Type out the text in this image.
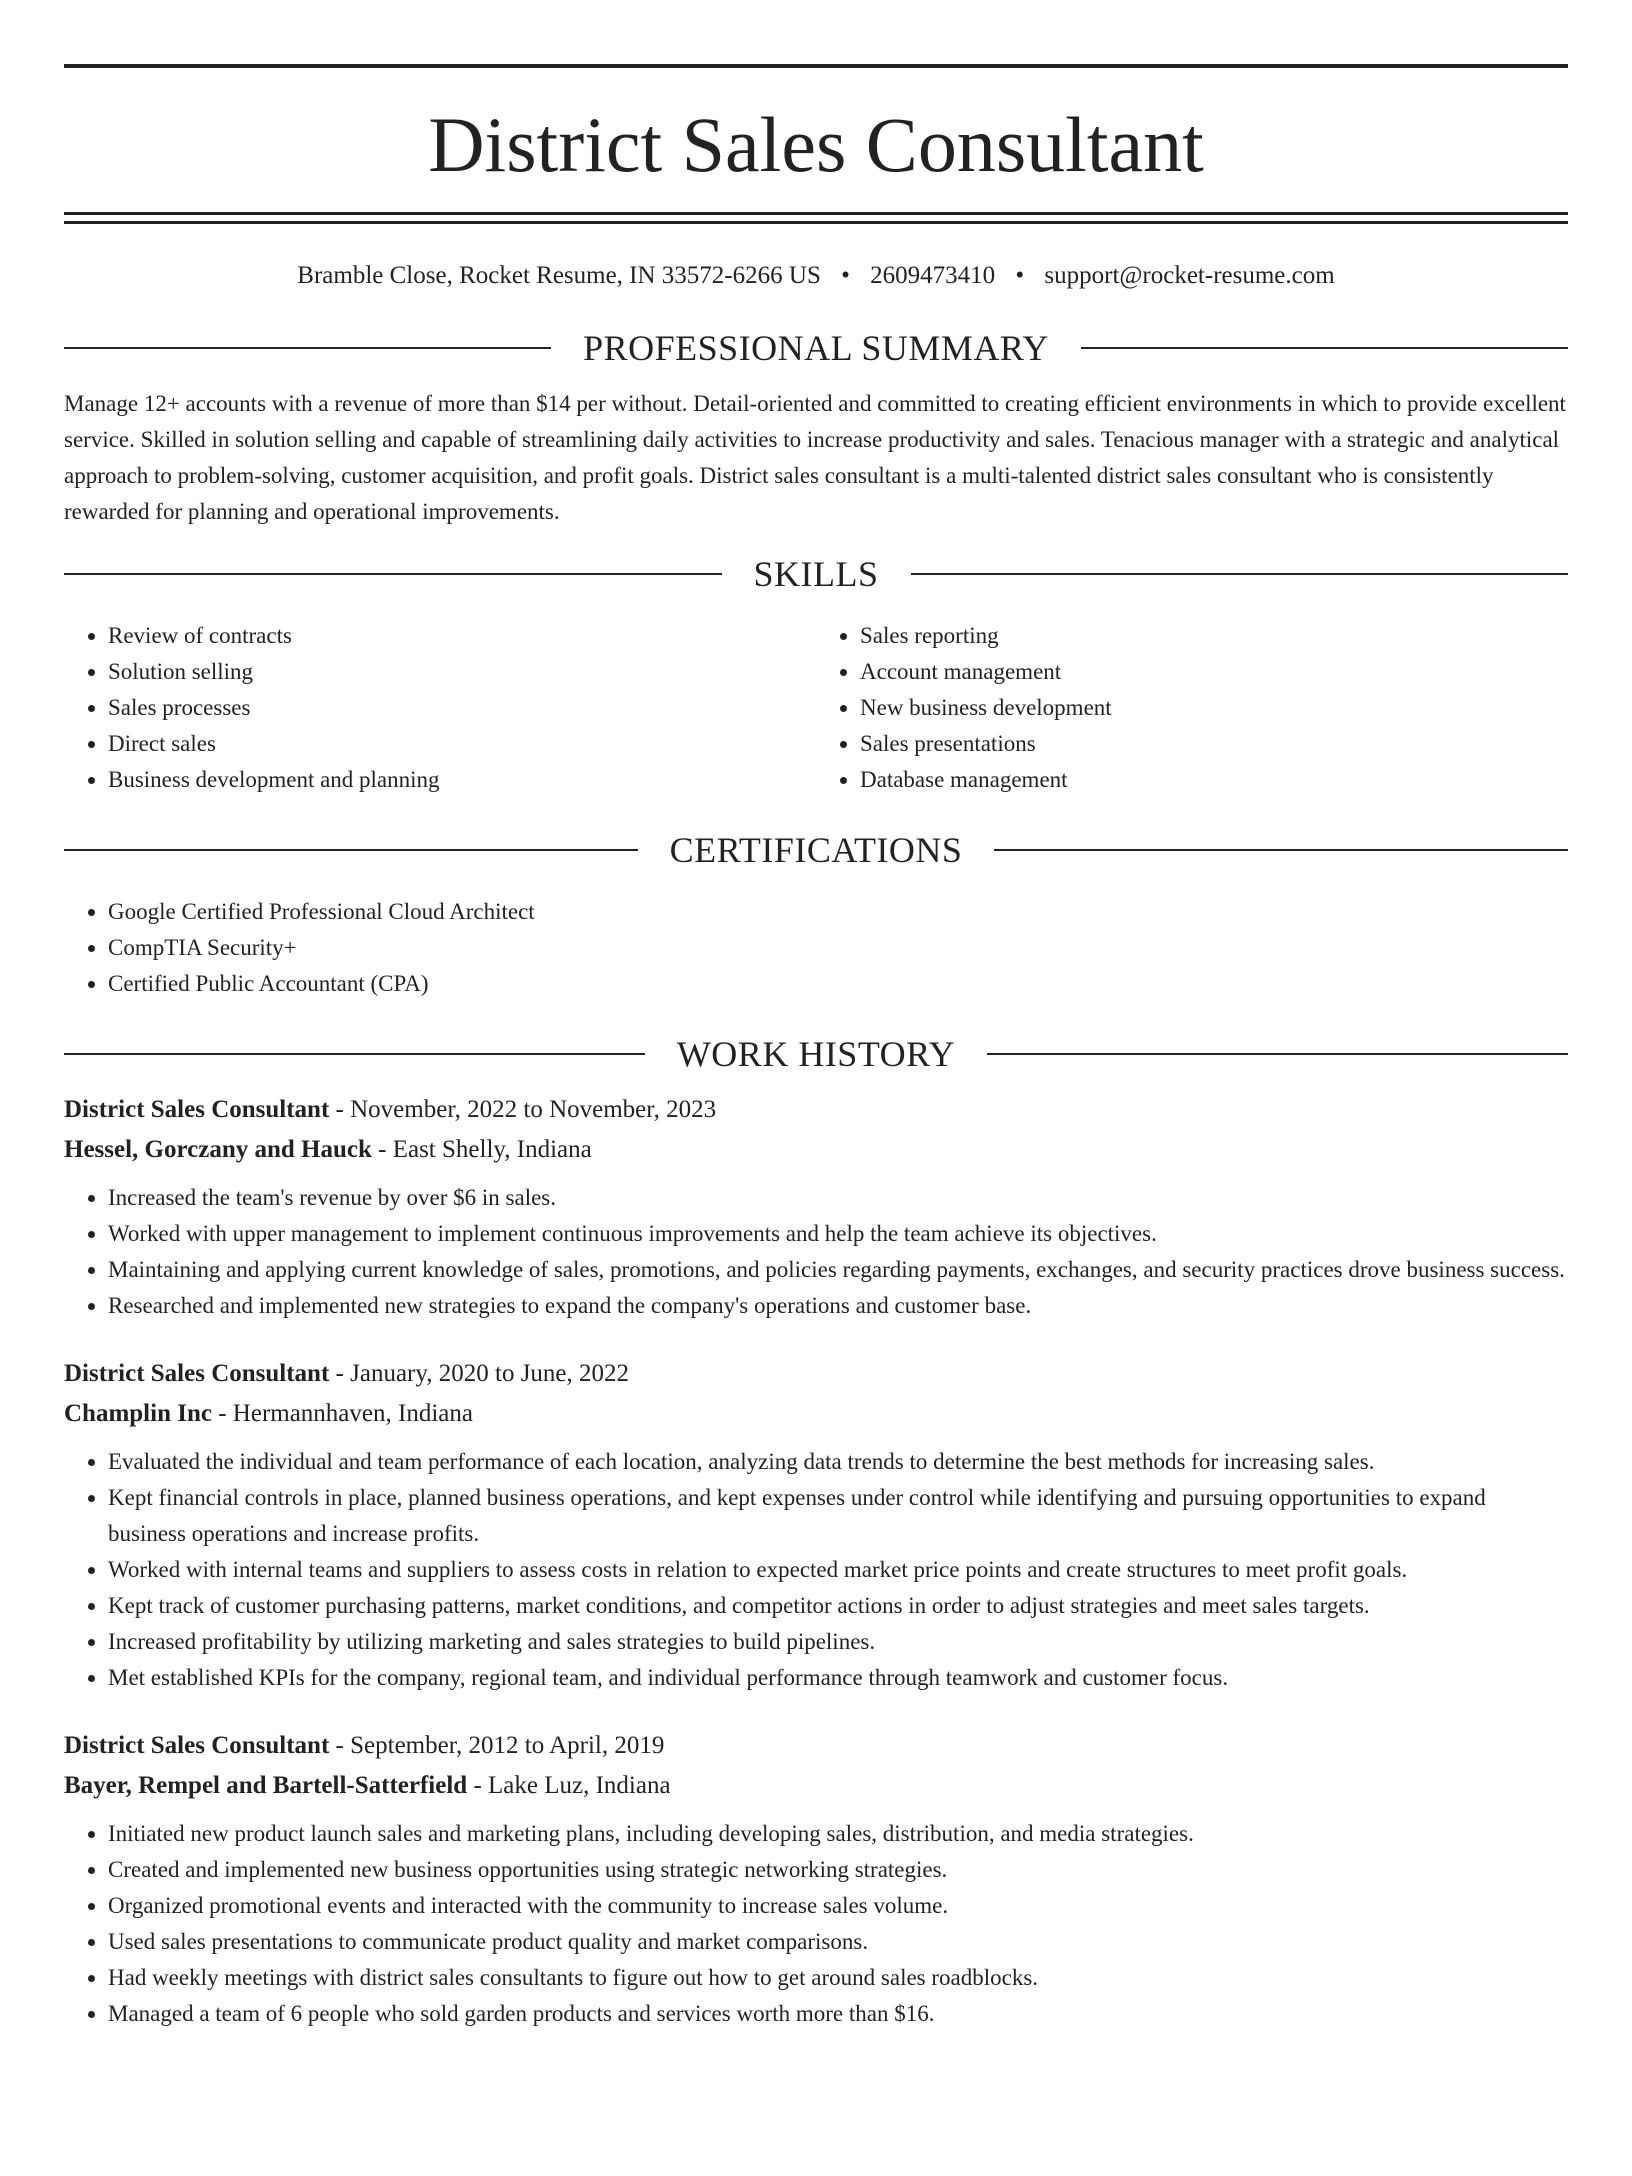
District Sales Consultant
Bramble Close, Rocket Resume, IN 33572-6266 US • 2609473410 • support@rocket-resume.com
PROFESSIONAL SUMMARY

Manage 12+ accounts with a revenue of more than $14 per without. Detail-oriented and committed to creating efficient environments in which to provide excellent service. Skilled in solution selling and capable of streamlining daily activities to increase productivity and sales. Tenacious manager with a strategic and analytical approach to problem-solving, customer acquisition, and profit goals. District sales consultant is a multi-talented district sales consultant who is consistently rewarded for planning and operational improvements.

SKILLS
• Review of contracts
• Solution selling
• Sales processes
• Direct sales
• Business development and planning
• Sales reporting
• Account management
• New business development
• Sales presentations
• Database management
CERTIFICATIONS
• Google Certified Professional Cloud Architect
• CompTIA Security+
• Certified Public Accountant (CPA)
WORK HISTORY
District Sales Consultant - November, 2022 to November, 2023
Hessel, Gorczany and Hauck - East Shelly, Indiana
• Increased the team's revenue by over $6 in sales.
• Worked with upper management to implement continuous improvements and help the team achieve its objectives.
• Maintaining and applying current knowledge of sales, promotions, and policies regarding payments, exchanges, and security practices drove business success.
• Researched and implemented new strategies to expand the company's operations and customer base.
District Sales Consultant - January, 2020 to June, 2022
Champlin Inc - Hermannhaven, Indiana
• Evaluated the individual and team performance of each location, analyzing data trends to determine the best methods for increasing sales.
• Kept financial controls in place, planned business operations, and kept expenses under control while identifying and pursuing opportunities to expand business operations and increase profits.
• Worked with internal teams and suppliers to assess costs in relation to expected market price points and create structures to meet profit goals.
• Kept track of customer purchasing patterns, market conditions, and competitor actions in order to adjust strategies and meet sales targets.
• Increased profitability by utilizing marketing and sales strategies to build pipelines.
• Met established KPIs for the company, regional team, and individual performance through teamwork and customer focus.
District Sales Consultant - September, 2012 to April, 2019
Bayer, Rempel and Bartell-Satterfield - Lake Luz, Indiana
• Initiated new product launch sales and marketing plans, including developing sales, distribution, and media strategies.
• Created and implemented new business opportunities using strategic networking strategies.
• Organized promotional events and interacted with the community to increase sales volume.
• Used sales presentations to communicate product quality and market comparisons.
• Had weekly meetings with district sales consultants to figure out how to get around sales roadblocks.
• Managed a team of 6 people who sold garden products and services worth more than $16.
